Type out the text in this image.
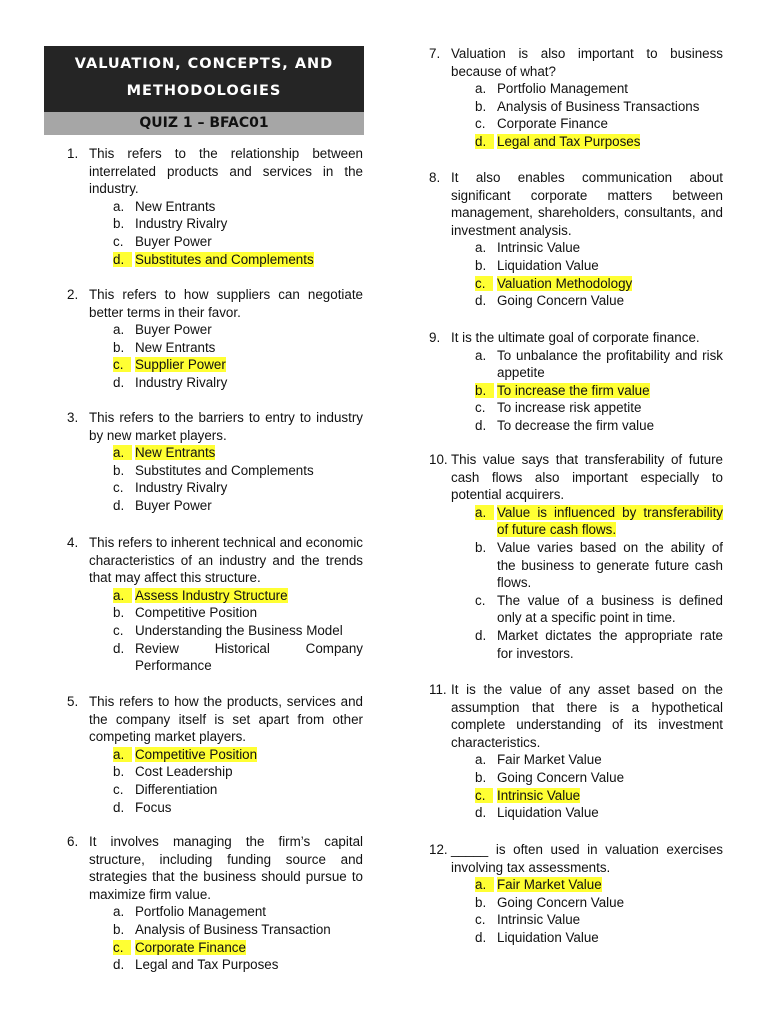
VALUATION, CONCEPTS, AND
METHODOLOGIES
QUIZ 1 – BFAC01
1. This refers to the relationship between interrelated products and services in the industry.
a. New Entrants
b. Industry Rivalry
c. Buyer Power
d. Substitutes and Complements
2. This refers to how suppliers can negotiate better terms in their favor.
a. Buyer Power
b. New Entrants
c. Supplier Power
d. Industry Rivalry
3. This refers to the barriers to entry to industry by new market players.
a. New Entrants
b. Substitutes and Complements
c. Industry Rivalry
d. Buyer Power
4. This refers to inherent technical and economic characteristics of an industry and the trends that may affect this structure.
a. Assess Industry Structure
b. Competitive Position
c. Understanding the Business Model
d. Review Historical Company Performance
5. This refers to how the products, services and the company itself is set apart from other competing market players.
a. Competitive Position
b. Cost Leadership
c. Differentiation
d. Focus
6. It involves managing the firm’s capital structure, including funding source and strategies that the business should pursue to maximize firm value.
a. Portfolio Management
b. Analysis of Business Transaction
c. Corporate Finance
d. Legal and Tax Purposes
7. Valuation is also important to business because of what?
a. Portfolio Management
b. Analysis of Business Transactions
c. Corporate Finance
d. Legal and Tax Purposes
8. It also enables communication about significant corporate matters between management, shareholders, consultants, and investment analysis.
a. Intrinsic Value
b. Liquidation Value
c. Valuation Methodology
d. Going Concern Value
9. It is the ultimate goal of corporate finance.
a. To unbalance the profitability and risk appetite
b. To increase the firm value
c. To increase risk appetite
d. To decrease the firm value
10. This value says that transferability of future cash flows also important especially to potential acquirers.
a. Value is influenced by transferability of future cash flows.
b. Value varies based on the ability of the business to generate future cash flows.
c. The value of a business is defined only at a specific point in time.
d. Market dictates the appropriate rate for investors.
11. It is the value of any asset based on the assumption that there is a hypothetical complete understanding of its investment characteristics.
a. Fair Market Value
b. Going Concern Value
c. Intrinsic Value
d. Liquidation Value
12. _____ is often used in valuation exercises involving tax assessments.
a. Fair Market Value
b. Going Concern Value
c. Intrinsic Value
d. Liquidation Value
